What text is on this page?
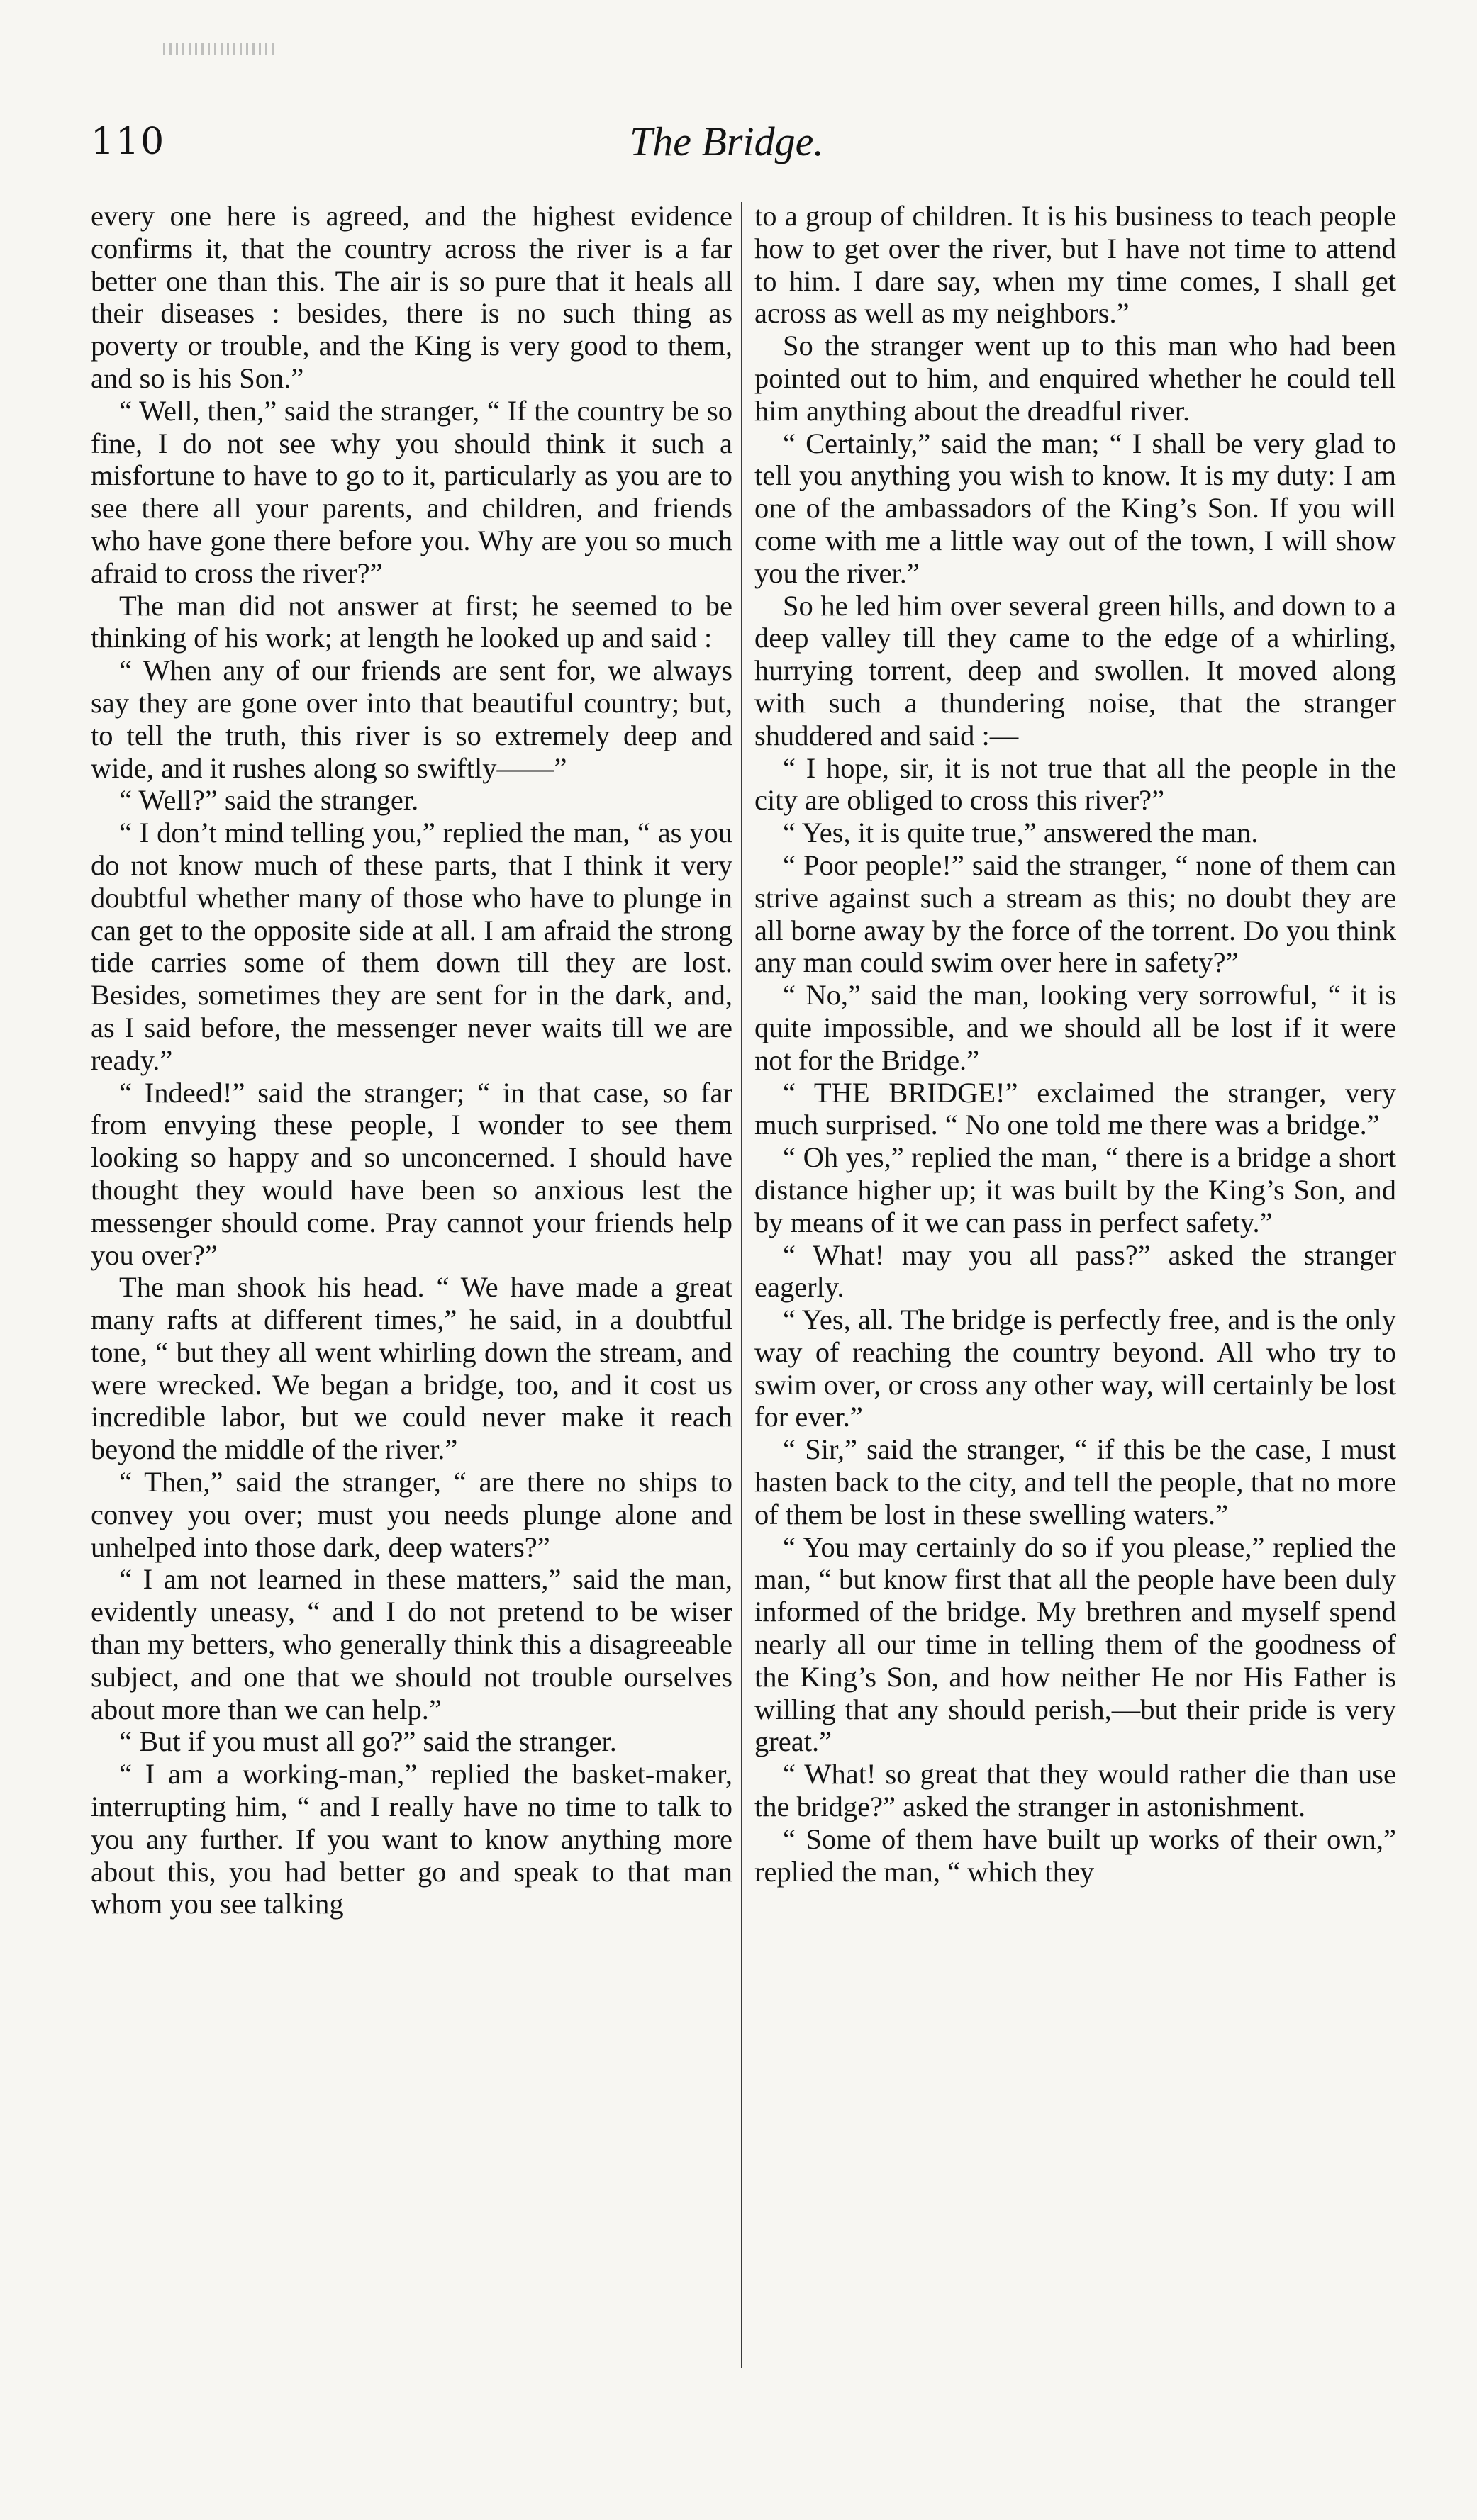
110	The Bridge.

every one here is agreed, and the highest evidence confirms it, that the country across the river is a far better one than this. The air is so pure that it heals all their diseases : besides, there is no such thing as poverty or trouble, and the King is very good to them, and so is his Son.”

“ Well, then,” said the stranger, “ If the country be so fine, I do not see why you should think it such a misfortune to have to go to it, particularly as you are to see there all your parents, and children, and friends who have gone there before you. Why are you so much afraid to cross the river?”

The man did not answer at first; he seemed to be thinking of his work; at length he looked up and said :

“ When any of our friends are sent for, we always say they are gone over into that beautiful country; but, to tell the truth, this river is so extremely deep and wide, and it rushes along so swiftly——”

“ Well?” said the stranger.

“ I don’t mind telling you,” replied the man, “ as you do not know much of these parts, that I think it very doubtful whether many of those who have to plunge in can get to the opposite side at all. I am afraid the strong tide carries some of them down till they are lost. Besides, sometimes they are sent for in the dark, and, as I said before, the messenger never waits till we are ready.”

“ Indeed!” said the stranger; “ in that case, so far from envying these people, I wonder to see them looking so happy and so unconcerned. I should have thought they would have been so anxious lest the messenger should come. Pray cannot your friends help you over?”

The man shook his head. “ We have made a great many rafts at different times,” he said, in a doubtful tone, “ but they all went whirling down the stream, and were wrecked. We began a bridge, too, and it cost us incredible labor, but we could never make it reach beyond the middle of the river.”

“ Then,” said the stranger, “ are there no ships to convey you over; must you needs plunge alone and unhelped into those dark, deep waters?”

“ I am not learned in these matters,” said the man, evidently uneasy, “ and I do not pretend to be wiser than my betters, who generally think this a disagreeable subject, and one that we should not trouble ourselves about more than we can help.”

“ But if you must all go?” said the stranger.

“ I am a working-man,” replied the basket-maker, interrupting him, “ and I really have no time to talk to you any further. If you want to know anything more about this, you had better go and speak to that man whom you see talking

to a group of children. It is his business to teach people how to get over the river, but I have not time to attend to him. I dare say, when my time comes, I shall get across as well as my neighbors.”

So the stranger went up to this man who had been pointed out to him, and enquired whether he could tell him anything about the dreadful river.

“ Certainly,” said the man; “ I shall be very glad to tell you anything you wish to know. It is my duty: I am one of the ambassadors of the King’s Son. If you will come with me a little way out of the town, I will show you the river.”

So he led him over several green hills, and down to a deep valley till they came to the edge of a whirling, hurrying torrent, deep and swollen. It moved along with such a thundering noise, that the stranger shuddered and said :—

“ I hope, sir, it is not true that all the people in the city are obliged to cross this river?”

“ Yes, it is quite true,” answered the man.

“ Poor people!” said the stranger, “ none of them can strive against such a stream as this; no doubt they are all borne away by the force of the torrent. Do you think any man could swim over here in safety?”

“ No,” said the man, looking very sorrowful, “ it is quite impossible, and we should all be lost if it were not for the Bridge.”

“ THE BRIDGE!” exclaimed the stranger, very much surprised. “ No one told me there was a bridge.”

“ Oh yes,” replied the man, “ there is a bridge a short distance higher up; it was built by the King’s Son, and by means of it we can pass in perfect safety.”

“ What! may you all pass?” asked the stranger eagerly.

“ Yes, all. The bridge is perfectly free, and is the only way of reaching the country beyond. All who try to swim over, or cross any other way, will certainly be lost for ever.”

“ Sir,” said the stranger, “ if this be the case, I must hasten back to the city, and tell the people, that no more of them be lost in these swelling waters.”

“ You may certainly do so if you please,” replied the man, “ but know first that all the people have been duly informed of the bridge. My brethren and myself spend nearly all our time in telling them of the goodness of the King’s Son, and how neither He nor His Father is willing that any should perish,—but their pride is very great.”

“ What! so great that they would rather die than use the bridge?” asked the stranger in astonishment.

“ Some of them have built up works of their own,” replied the man, “ which they
